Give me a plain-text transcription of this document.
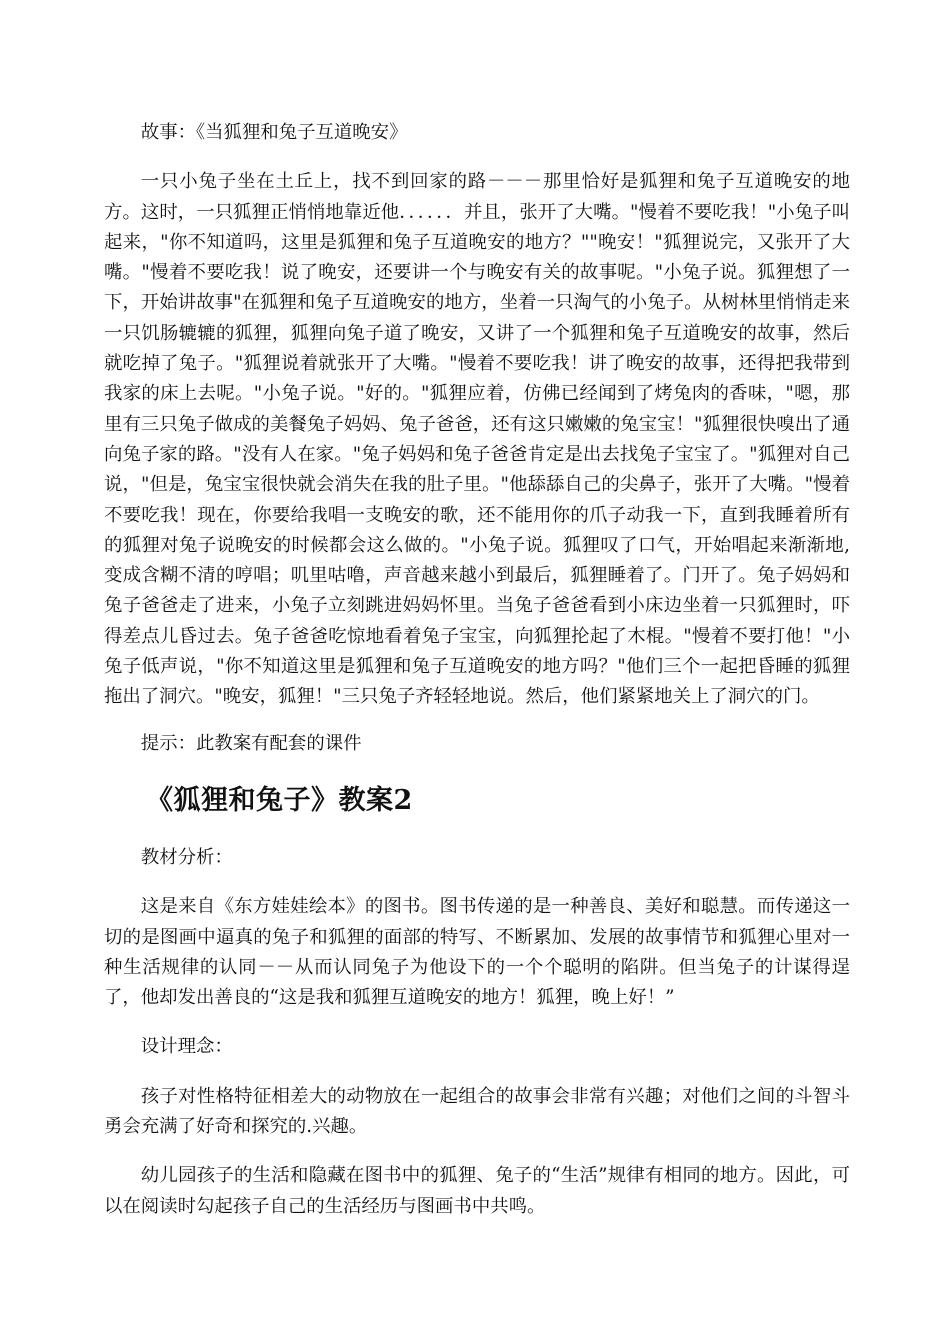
故事：《当狐狸和兔子互道晚安》

一只小兔子坐在土丘上，找不到回家的路－－－那里恰好是狐狸和兔子互道晚安的地方。这时，一只狐狸正悄悄地靠近他．．．．．．并且，张开了大嘴。"慢着不要吃我！"小兔子叫起来，"你不知道吗，这里是狐狸和兔子互道晚安的地方？""晚安！"狐狸说完，又张开了大嘴。"慢着不要吃我！说了晚安，还要讲一个与晚安有关的故事呢。"小兔子说。狐狸想了一下，开始讲故事"在狐狸和兔子互道晚安的地方，坐着一只淘气的小兔子。从树林里悄悄走来一只饥肠辘辘的狐狸，狐狸向兔子道了晚安，又讲了一个狐狸和兔子互道晚安的故事，然后就吃掉了兔子。"狐狸说着就张开了大嘴。"慢着不要吃我！讲了晚安的故事，还得把我带到我家的床上去呢。"小兔子说。"好的。"狐狸应着，仿佛已经闻到了烤兔肉的香味，"嗯，那里有三只兔子做成的美餐兔子妈妈、兔子爸爸，还有这只嫩嫩的兔宝宝！"狐狸很快嗅出了通向兔子家的路。"没有人在家。"兔子妈妈和兔子爸爸肯定是出去找兔子宝宝了。"狐狸对自己说，"但是，兔宝宝很快就会消失在我的肚子里。"他舔舔自己的尖鼻子，张开了大嘴。"慢着不要吃我！现在，你要给我唱一支晚安的歌，还不能用你的爪子动我一下，直到我睡着所有的狐狸对兔子说晚安的时候都会这么做的。"小兔子说。狐狸叹了口气，开始唱起来渐渐地,变成含糊不清的哼唱；叽里咕噜，声音越来越小到最后，狐狸睡着了。门开了。兔子妈妈和兔子爸爸走了进来，小兔子立刻跳进妈妈怀里。当兔子爸爸看到小床边坐着一只狐狸时，吓得差点儿昏过去。兔子爸爸吃惊地看着兔子宝宝，向狐狸抡起了木棍。"慢着不要打他！"小兔子低声说，"你不知道这里是狐狸和兔子互道晚安的地方吗？"他们三个一起把昏睡的狐狸拖出了洞穴。"晚安，狐狸！"三只兔子齐轻轻地说。然后，他们紧紧地关上了洞穴的门。

提示：此教案有配套的课件

《狐狸和兔子》教案2

教材分析：

这是来自《东方娃娃绘本》的图书。图书传递的是一种善良、美好和聪慧。而传递这一切的是图画中逼真的兔子和狐狸的面部的特写、不断累加、发展的故事情节和狐狸心里对一种生活规律的认同－－从而认同兔子为他设下的一个个聪明的陷阱。但当兔子的计谋得逞了，他却发出善良的“这是我和狐狸互道晚安的地方！狐狸，晚上好！”

设计理念：

孩子对性格特征相差大的动物放在一起组合的故事会非常有兴趣；对他们之间的斗智斗勇会充满了好奇和探究的.兴趣。

幼儿园孩子的生活和隐藏在图书中的狐狸、兔子的“生活”规律有相同的地方。因此，可以在阅读时勾起孩子自己的生活经历与图画书中共鸣。
